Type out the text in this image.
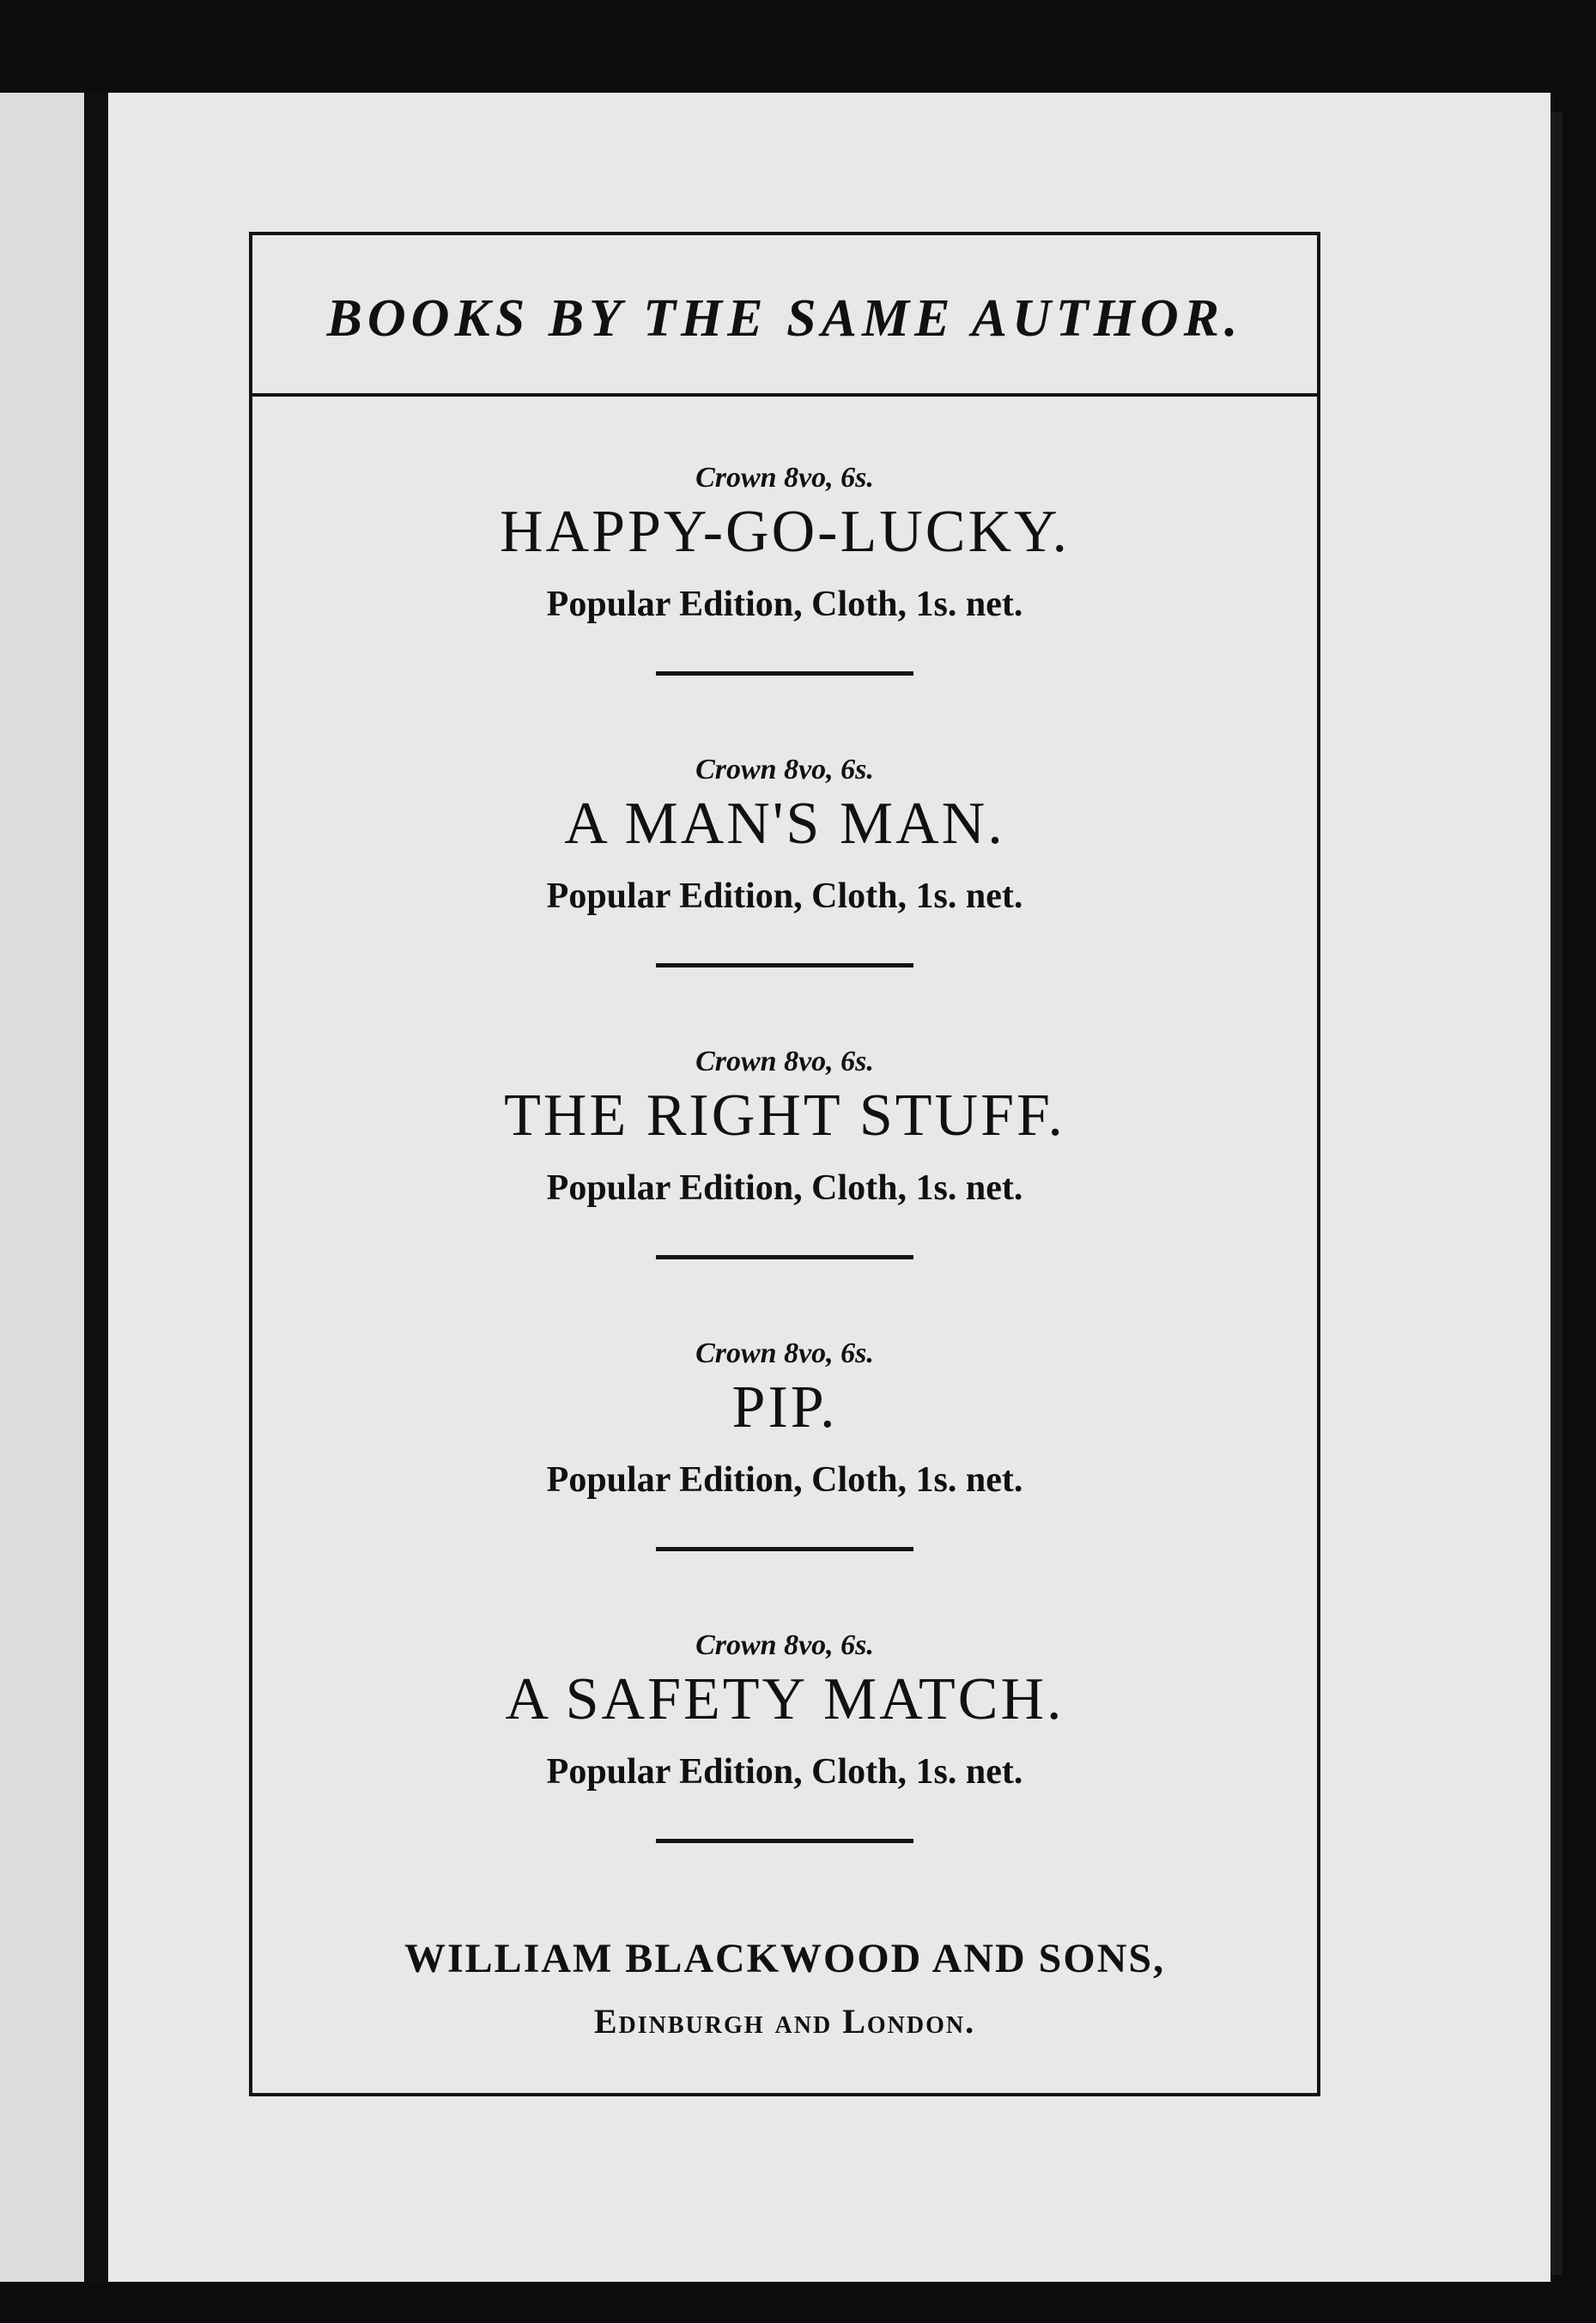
BOOKS BY THE SAME AUTHOR.
Crown 8vo, 6s.
HAPPY-GO-LUCKY.
Popular Edition, Cloth, 1s. net.
Crown 8vo, 6s.
A MAN'S MAN.
Popular Edition, Cloth, 1s. net.
Crown 8vo, 6s.
THE RIGHT STUFF.
Popular Edition, Cloth, 1s. net.
Crown 8vo, 6s.
PIP.
Popular Edition, Cloth, 1s. net.
Crown 8vo, 6s.
A SAFETY MATCH.
Popular Edition, Cloth, 1s. net.
WILLIAM BLACKWOOD AND SONS,
Edinburgh and London.
